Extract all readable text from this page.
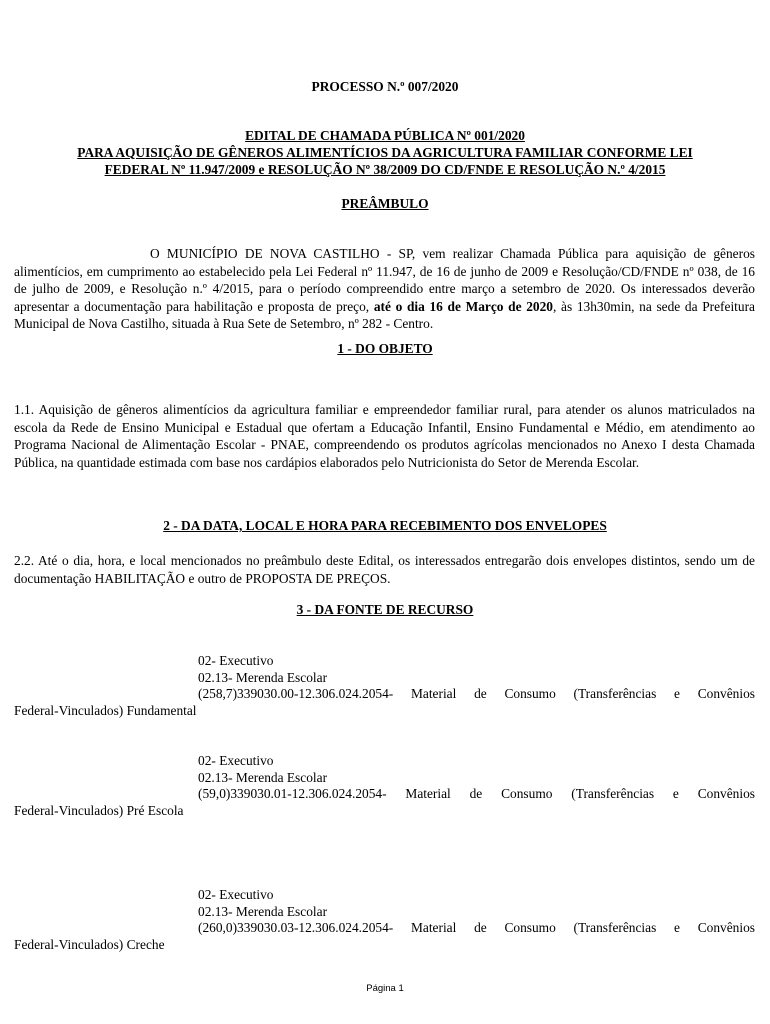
PROCESSO N.º 007/2020
EDITAL DE CHAMADA PÚBLICA Nº 001/2020
PARA AQUISIÇÃO DE GÊNEROS ALIMENTÍCIOS DA AGRICULTURA FAMILIAR CONFORME LEI
FEDERAL Nº 11.947/2009 e RESOLUÇÃO Nº 38/2009 DO CD/FNDE E RESOLUÇÃO N.º 4/2015
PREÂMBULO
O MUNICÍPIO DE NOVA CASTILHO ‑ SP, vem realizar Chamada Pública para aquisição de gêneros alimentícios, em cumprimento ao estabelecido pela Lei Federal nº 11.947, de 16 de junho de 2009 e Resolução/CD/FNDE nº 038, de 16 de julho de 2009, e Resolução n.º 4/2015, para o período compreendido entre março a setembro de 2020. Os interessados deverão apresentar a documentação para habilitação e proposta de preço, até o dia 16 de Março de 2020, às 13h30min, na sede da Prefeitura Municipal de Nova Castilho, situada à Rua Sete de Setembro, nº 282 ‑ Centro.
1 - DO OBJETO
1.1. Aquisição de gêneros alimentícios da agricultura familiar e empreendedor familiar rural, para atender os alunos matriculados na escola da Rede de Ensino Municipal e Estadual que ofertam a Educação Infantil, Ensino Fundamental e Médio, em atendimento ao Programa Nacional de Alimentação Escolar - PNAE, compreendendo os produtos agrícolas mencionados no Anexo I desta Chamada Pública, na quantidade estimada com base nos cardápios elaborados pelo Nutricionista do Setor de Merenda Escolar.
2 - DA DATA, LOCAL E HORA PARA RECEBIMENTO DOS ENVELOPES
2.2. Até o dia, hora, e local mencionados no preâmbulo deste Edital, os interessados entregarão dois envelopes distintos, sendo um de documentação HABILITAÇÃO e outro de PROPOSTA DE PREÇOS.
3 - DA FONTE DE RECURSO
02- Executivo
02.13- Merenda Escolar
(258,7)339030.00-12.306.024.2054- Material de Consumo (Transferências e Convênios
Federal-Vinculados) Fundamental
02- Executivo
02.13- Merenda Escolar
(59,0)339030.01-12.306.024.2054- Material de Consumo (Transferências e Convênios
Federal-Vinculados) Pré Escola
02- Executivo
02.13- Merenda Escolar
(260,0)339030.03-12.306.024.2054- Material de Consumo (Transferências e Convênios
Federal-Vinculados) Creche
Página 1
